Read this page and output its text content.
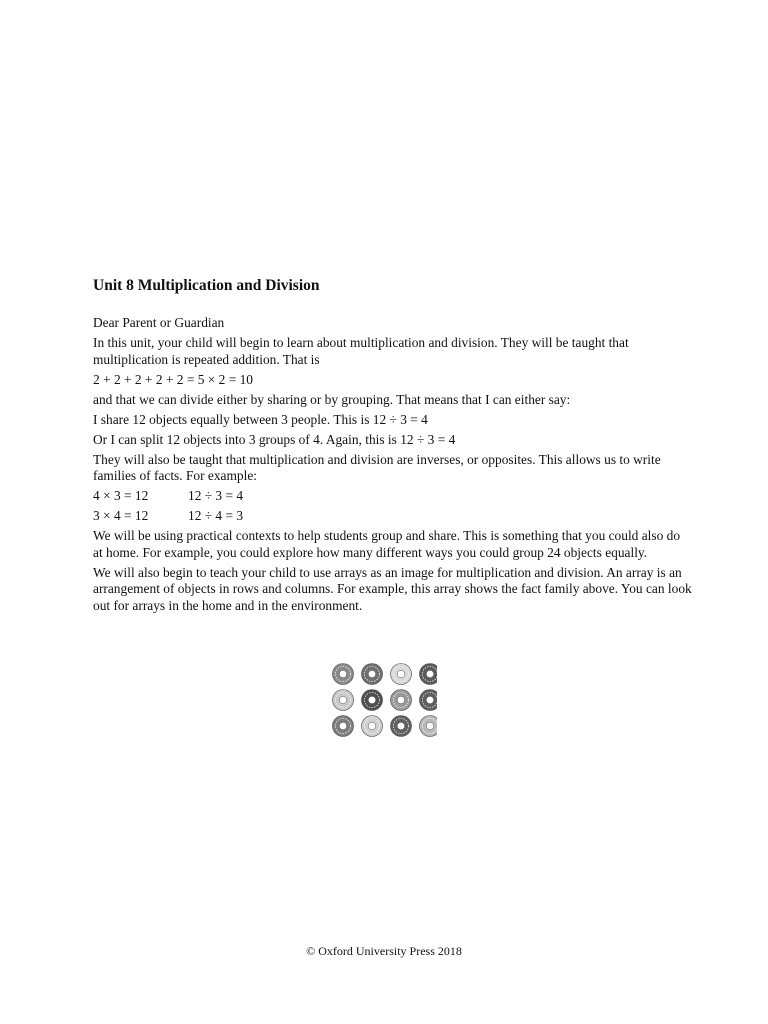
Unit 8 Multiplication and Division
Dear Parent or Guardian
In this unit, your child will begin to learn about multiplication and division. They will be taught that multiplication is repeated addition. That is
2 + 2 + 2 + 2 + 2 = 5 × 2 = 10
and that we can divide either by sharing or by grouping. That means that I can either say:
I share 12 objects equally between 3 people. This is 12 ÷ 3 = 4
Or I can split 12 objects into 3 groups of 4. Again, this is 12 ÷ 3 = 4
They will also be taught that multiplication and division are inverses, or opposites. This allows us to write families of facts. For example:
4 × 3 = 12	12 ÷ 3 = 4
3 × 4 = 12	12 ÷ 4 = 3
We will be using practical contexts to help students group and share. This is something that you could also do at home. For example, you could explore how many different ways you could group 24 objects equally.
We will also begin to teach your child to use arrays as an image for multiplication and division. An array is an arrangement of objects in rows and columns. For example, this array shows the fact family above. You can look out for arrays in the home and in the environment.
© Oxford University Press 2018
